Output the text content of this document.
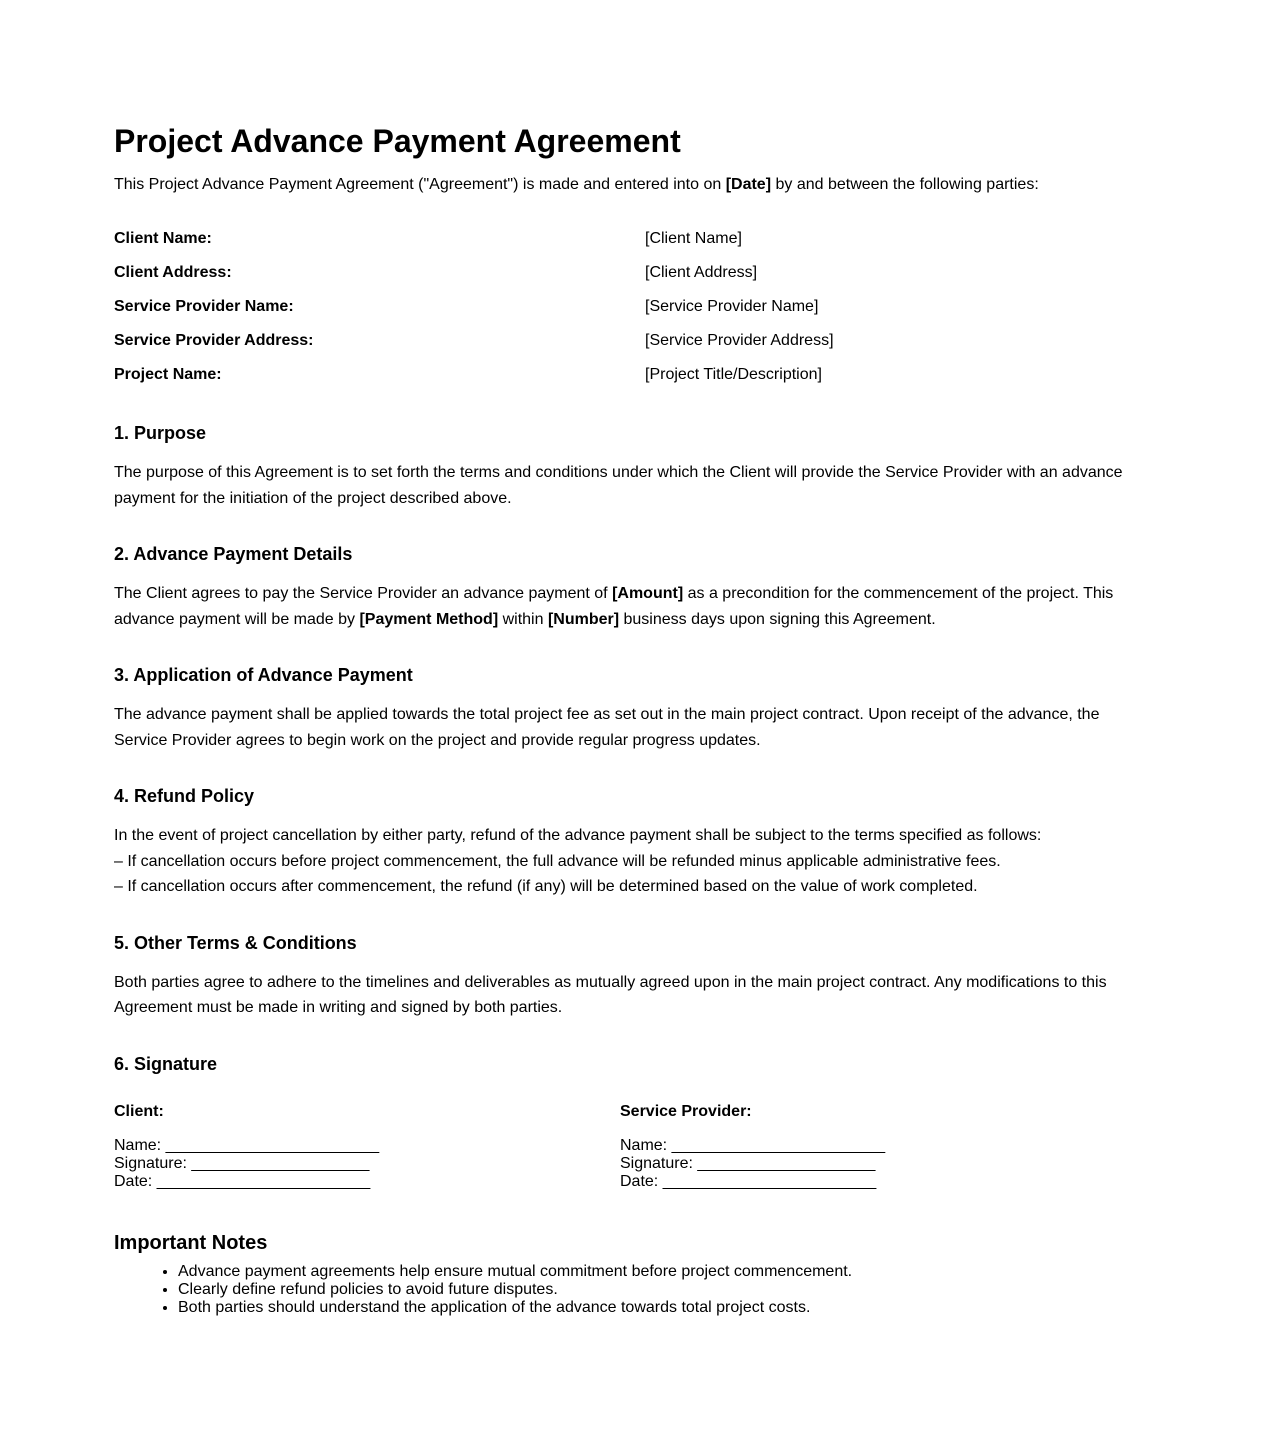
Project Advance Payment Agreement

This Project Advance Payment Agreement ("Agreement") is made and entered into on [Date] by and between the following parties:

Client Name:	[Client Name]
Client Address:	[Client Address]
Service Provider Name:	[Service Provider Name]
Service Provider Address:	[Service Provider Address]
Project Name:	[Project Title/Description]
1. Purpose

The purpose of this Agreement is to set forth the terms and conditions under which the Client will provide the Service Provider with an advance payment for the initiation of the project described above.

2. Advance Payment Details

The Client agrees to pay the Service Provider an advance payment of [Amount] as a precondition for the commencement of the project. This advance payment will be made by [Payment Method] within [Number] business days upon signing this Agreement.

3. Application of Advance Payment

The advance payment shall be applied towards the total project fee as set out in the main project contract. Upon receipt of the advance, the Service Provider agrees to begin work on the project and provide regular progress updates.

4. Refund Policy

In the event of project cancellation by either party, refund of the advance payment shall be subject to the terms specified as follows:
– If cancellation occurs before project commencement, the full advance will be refunded minus applicable administrative fees.
– If cancellation occurs after commencement, the refund (if any) will be determined based on the value of work completed.

5. Other Terms & Conditions

Both parties agree to adhere to the timelines and deliverables as mutually agreed upon in the main project contract. Any modifications to this Agreement must be made in writing and signed by both parties.

6. Signature
Client:
Name: ________________________
Signature: ____________________
Date: ________________________
Service Provider:
Name: ________________________
Signature: ____________________
Date: ________________________
Important Notes
• Advance payment agreements help ensure mutual commitment before project commencement.
• Clearly define refund policies to avoid future disputes.
• Both parties should understand the application of the advance towards total project costs.
